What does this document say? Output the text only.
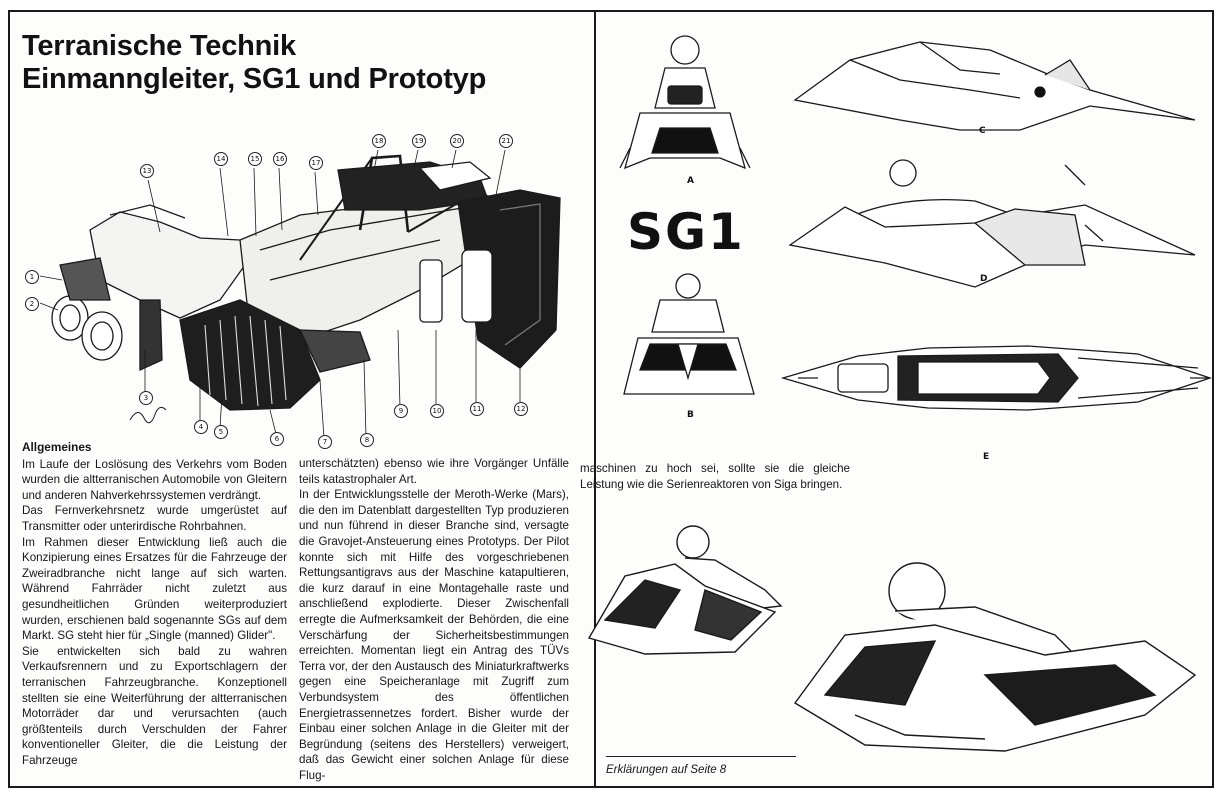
Terranische Technik
Einmanngleiter, SG1 und Prototyp
1
2
3
4
5
6	7	8
9	10	11	12
13
14	15	16	17
18	19	20	21
A
SG1
B
C
D
E

Allgemeines

Im Laufe der Loslösung des Verkehrs vom Boden wurden die altterranischen Automobile von Gleitern und anderen Nahverkehrssystemen verdrängt.

Das Fernverkehrsnetz wurde umgerüstet auf Transmitter oder unterirdische Rohrbahnen.

Im Rahmen dieser Entwicklung ließ auch die Konzipierung eines Ersatzes für die Fahrzeuge der Zweiradbranche nicht lange auf sich warten. Während Fahrräder nicht zuletzt aus gesundheitlichen Gründen weiterproduziert wurden, erschienen bald sogenannte SGs auf dem Markt. SG steht hier für „Single (manned) Glider".

Sie entwickelten sich bald zu wahren Verkaufsrennern und zu Exportschlagern der terranischen Fahrzeugbranche. Konzeptionell stellten sie eine Weiterführung der altterranischen Motorräder dar und verursachten (auch größtenteils durch Verschulden der Fahrer konventioneller Gleiter, die die Leistung der Fahrzeuge

unterschätzten) ebenso wie ihre Vorgänger Unfälle teils katastrophaler Art.

In der Entwicklungsstelle der Meroth-Werke (Mars), die den im Datenblatt dargestellten Typ produzieren und nun führend in dieser Branche sind, versagte die Gravojet-Ansteuerung eines Prototyps. Der Pilot konnte sich mit Hilfe des vorgeschriebenen Rettungsantigravs aus der Maschine katapultieren, die kurz darauf in eine Montagehalle raste und anschließend explodierte. Dieser Zwischenfall erregte die Aufmerksamkeit der Behörden, die eine Verschärfung der Sicherheitsbestimmungen erreichten. Momentan liegt ein Antrag des TÜVs Terra vor, der den Austausch des Miniaturkraftwerks gegen eine Speicheranlage mit Zugriff zum Verbundsystem des öffentlichen Energietrassennetzes fordert. Bisher wurde der Einbau einer solchen Anlage in die Gleiter mit der Begründung (seitens des Herstellers) verweigert, daß das Gewicht einer solchen Anlage für diese Flug-

maschinen zu hoch sei, sollte sie die gleiche Leistung wie die Serienreaktoren von Siga bringen.

Erklärungen auf Seite 8
